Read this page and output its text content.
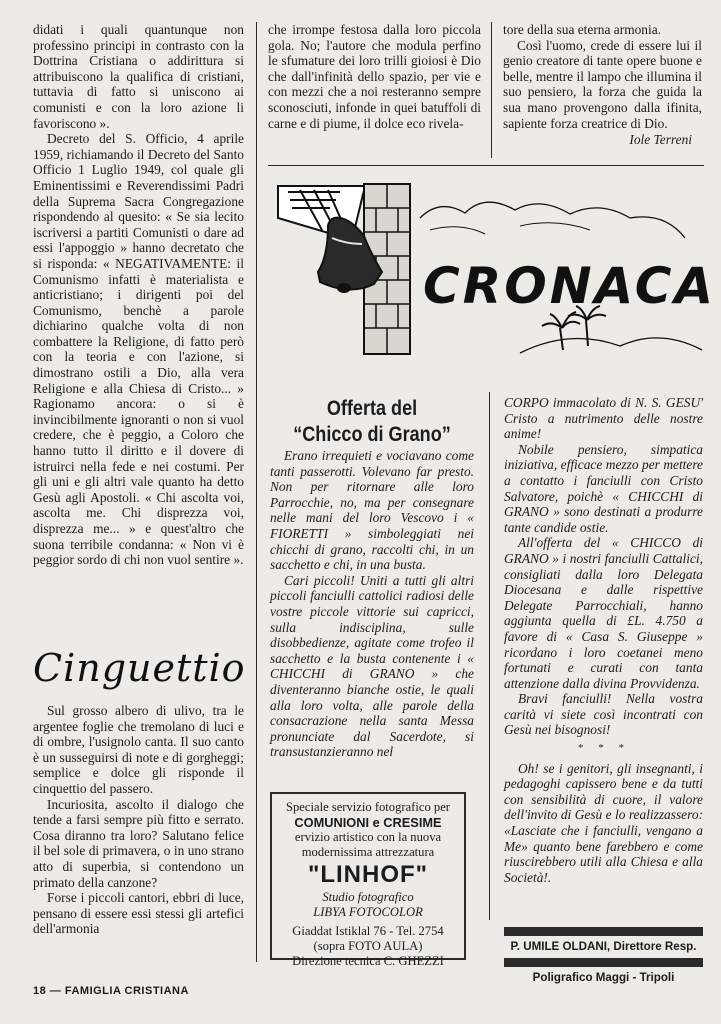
didati i quali quantunque non professino principi in contrasto con la Dottrina Cristiana o addirittura si attribuiscono la qualifica di cristiani, tuttavia di fatto si uniscono ai comunisti e con la loro azione li favoriscono ».

Decreto del S. Officio, 4 aprile 1959, richiamando il Decreto del Santo Officio 1 Luglio 1949, col quale gli Eminentissimi e Reverendissimi Padri della Suprema Sacra Congregazione rispondendo al quesito: « Se sia lecito iscriversi a partiti Comunisti o dare ad essi l'appoggio » hanno decretato che si risponda: « NEGATIVAMENTE: il Comunismo infatti è materialista e anticristiano; i dirigenti poi del Comunismo, benchè a parole dichiarino qualche volta di non combattere la Religione, di fatto però con la teoria e con l'azione, si dimostrano ostili a Dio, alla vera Religione e alla Chiesa di Cristo... » Ragionamo ancora: o si è invincibilmente ignoranti o non si vuol credere, che è peggio, a Coloro che hanno tutto il diritto e il dovere di istruirci nella fede e nei costumi. Per gli uni e gli altri vale quanto ha detto Gesù agli Apostoli. « Chi ascolta voi, ascolta me. Chi disprezza voi, disprezza me... » e quest'altro che suona terribile condanna: « Non vi è peggior sordo di chi non vuol sentire ».

Cinguettio

Sul grosso albero di ulivo, tra le argentee foglie che tremolano di luci e di ombre, l'usignolo canta. Il suo canto è un susseguirsi di note e di gorgheggi; semplice e dolce gli risponde il cinquettio del passero.

Incuriosita, ascolto il dialogo che tende a farsi sempre più fitto e serrato. Cosa diranno tra loro? Salutano felice il bel sole di primavera, o in uno strano atto di superbia, si contendono un primato della canzone?

Forse i piccoli cantori, ebbri di luce, pensano di essere essi stessi gli artefici dell'armonia

che irrompe festosa dalla loro piccola gola. No; l'autore che modula perfino le sfumature dei loro trilli gioiosi è Dio che dall'infinità dello spazio, per vie e con mezzi che a noi resteranno sempre sconosciuti, infonde in quei batuffoli di carne e di piume, il dolce eco rivela-

tore della sua eterna armonia.

Così l'uomo, crede di essere lui il genio creatore di tante opere buone e belle, mentre il lampo che illumina il suo pensiero, la forza che guida la sua mano provengono dalla ifinita, sapiente forza creatrice di Dio.

Iole Terreni
CRONACA
Offerta del
“Chicco di Grano”

Erano irrequieti e vociavano come tanti passerotti. Volevano far presto. Non per ritornare alle loro Parrocchie, no, ma per consegnare nelle mani del loro Vescovo i « FIORETTI » simboleggiati nei chicchi di grano, raccolti chi, in un sacchetto e chi, in una busta.

Cari piccoli! Uniti a tutti gli altri piccoli fanciulli cattolici radiosi delle vostre piccole vittorie sui capricci, sulla indisciplina, sulle disobbedienze, agitate come trofeo il sacchetto e la busta contenente i « CHICCHI di GRANO » che diventeranno bianche ostie, le quali alla loro volta, alle parole della consacrazione nella santa Messa pronunciate dal Sacerdote, si transustanzieranno nel

CORPO immacolato di N. S. GESU' Cristo a nutrimento delle nostre anime!

Nobile pensiero, simpatica iniziativa, efficace mezzo per mettere a contatto i fanciulli con Cristo Salvatore, poichè « CHICCHI di GRANO » sono destinati a produrre tante candide ostie.

All'offerta del « CHICCO di GRANO » i nostri fanciulli Cattalici, consigliati dalla loro Delegata Diocesana e dalle rispettive Delegate Parrocchiali, hanno aggiunta quella di £L. 4.750 a favore di « Casa S. Giuseppe » ricordano i loro coetanei meno fortunati e curati con tanta attenzione dalla divina Provvidenza.

Bravi fanciulli! Nella vostra carità vi siete così incontrati con Gesù nei bisognosi!

* * *

Oh! se i genitori, gli insegnanti, i pedagoghi capissero bene e da tutti con sensibilità di cuore, il valore dell'invito di Gesù e lo realizzassero: «Lasciate che i fanciulli, vengano a Me» quanto bene farebbero e come riuscirebbero utili alla Chiesa e alla Società!.

Speciale servizio fotografico per
COMUNIONI e CRESIME
ervizio artistico con la nuova
modernissima attrezzatura
"LINHOF"
Studio fotografico
LIBYA FOTOCOLOR
Giaddat Istiklal 76 - Tel. 2754
(sopra FOTO AULA)
Direzione tecnica C. GHEZZI
P. UMILE OLDANI, Direttore Resp.
Poligrafico Maggi - Tripoli
18 — FAMIGLIA CRISTIANA
